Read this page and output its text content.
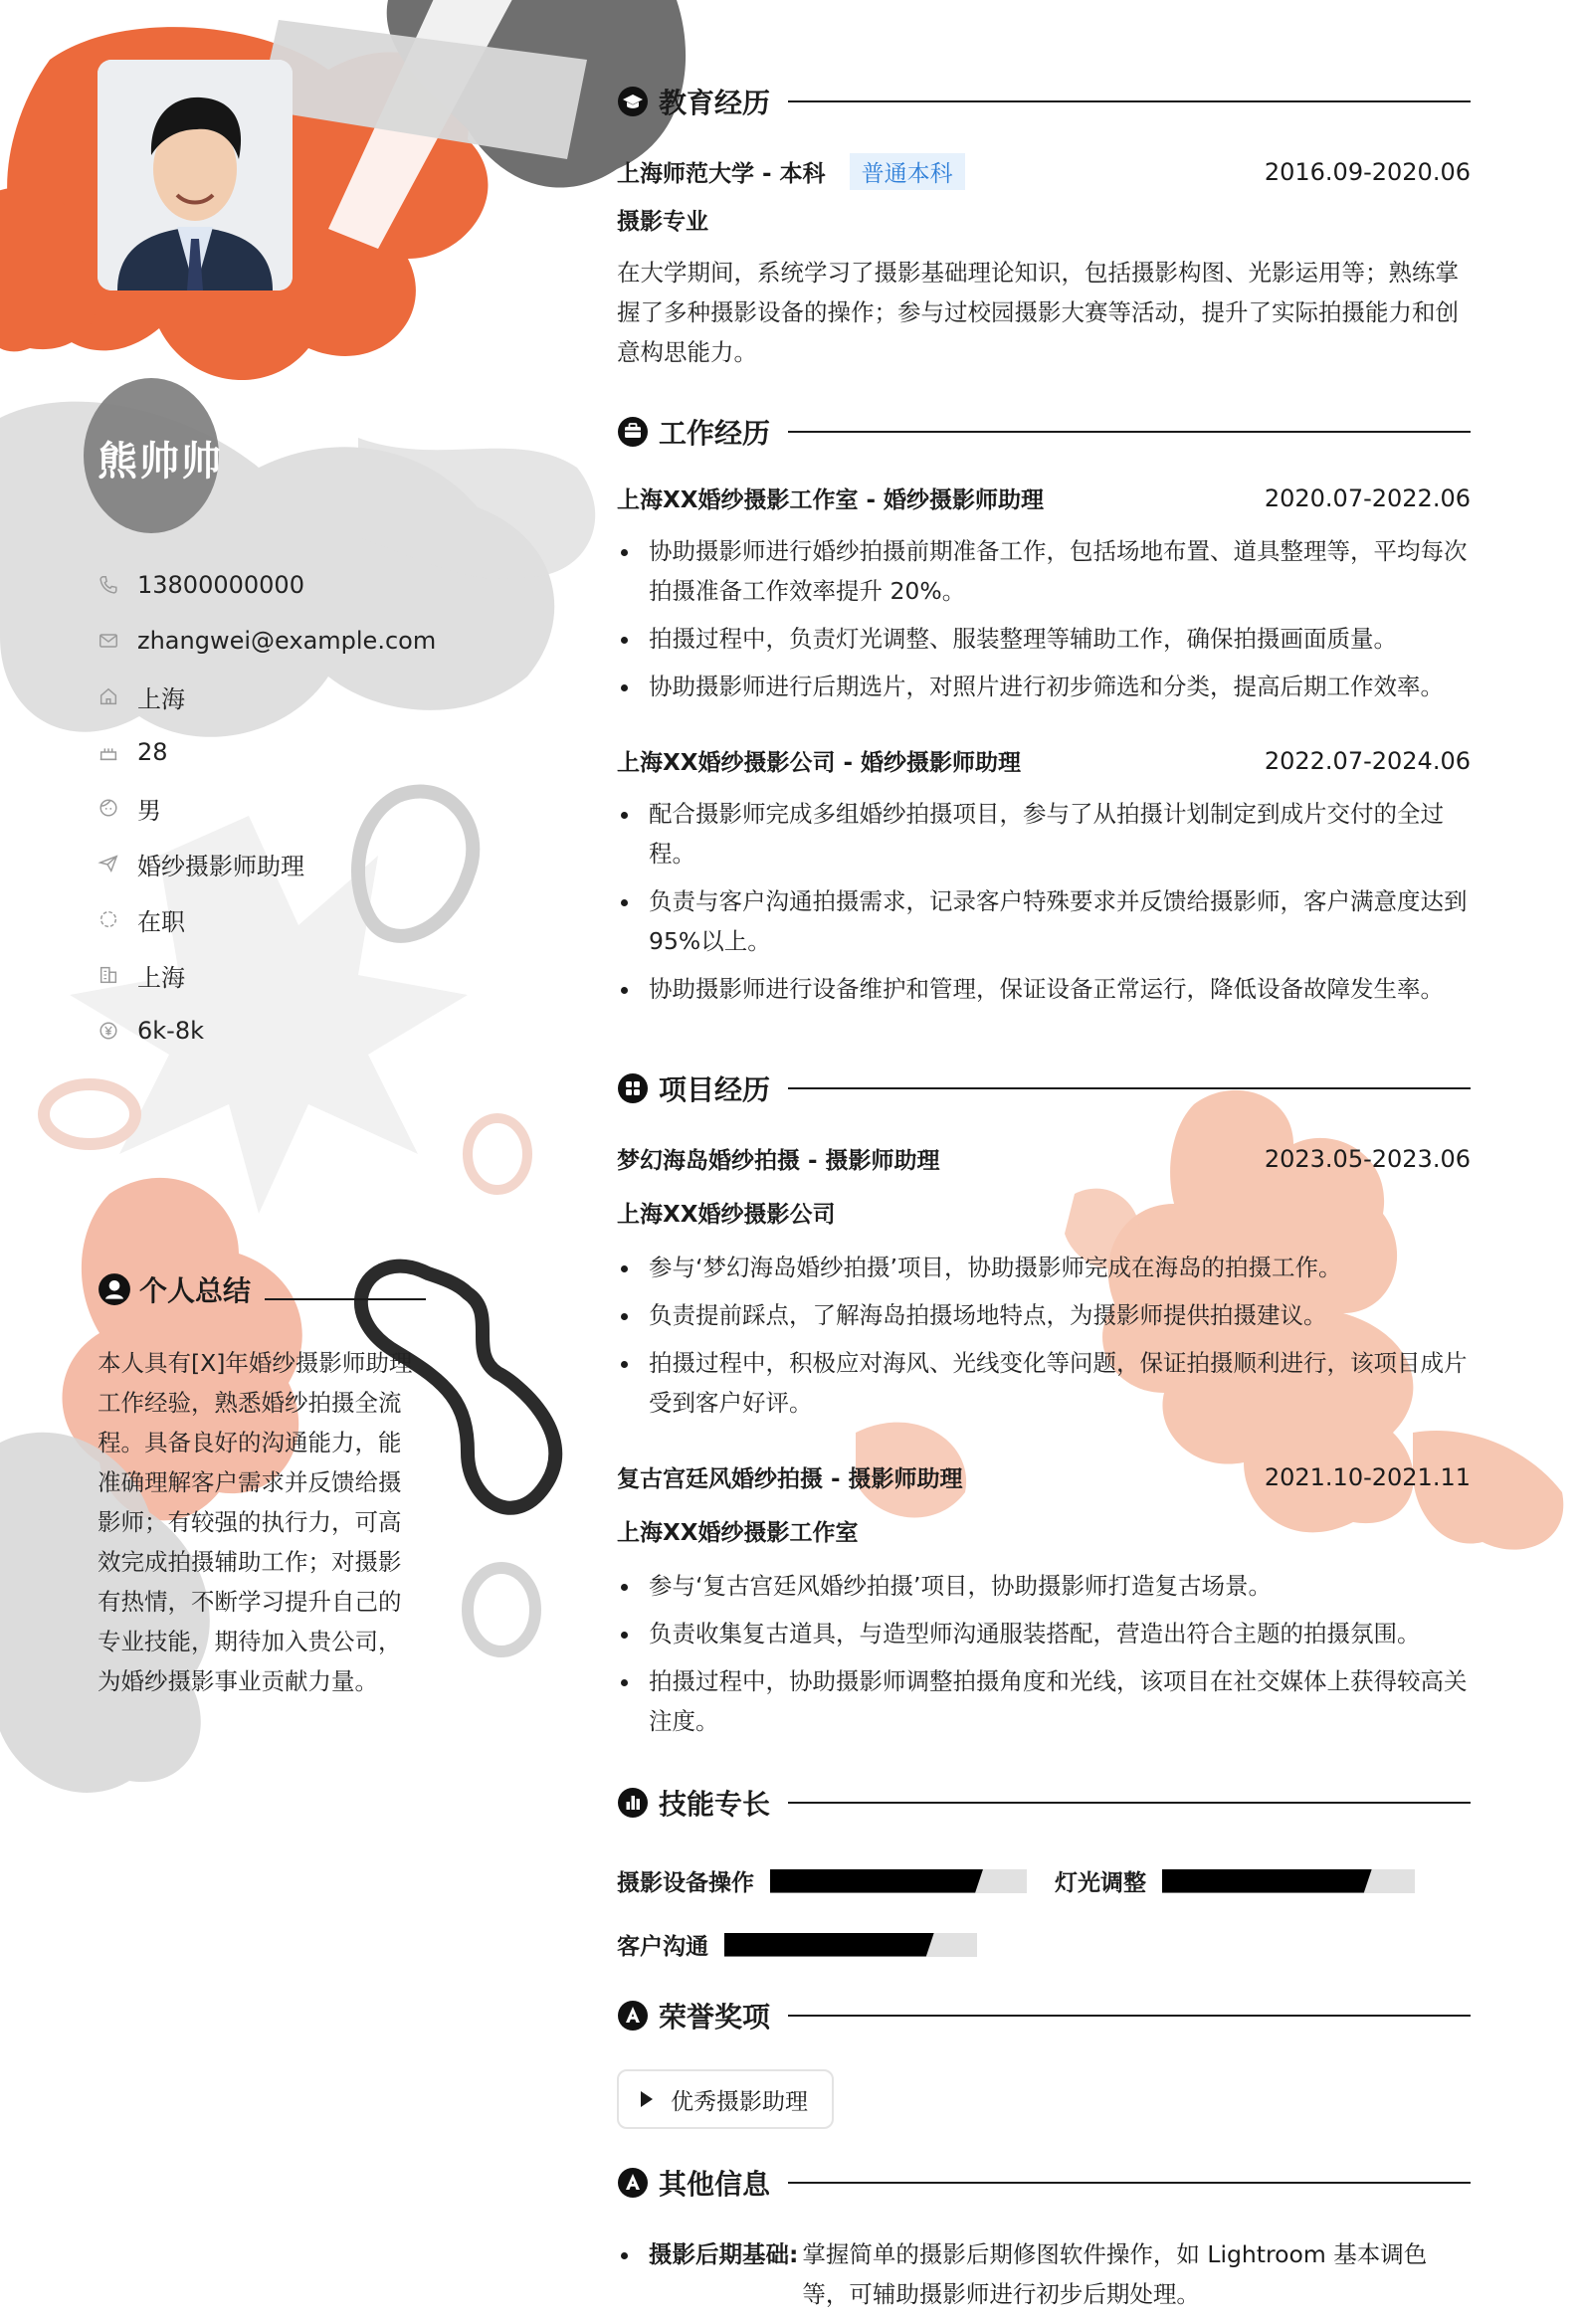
熊帅帅
13800000000
zhangwei@example.com
上海
28
男
婚纱摄影师助理
在职
上海
6k-8k
个人总结
本人具有[X]年婚纱摄影师助理工作经验，熟悉婚纱拍摄全流程。具备良好的沟通能力，能准确理解客户需求并反馈给摄影师；有较强的执行力，可高效完成拍摄辅助工作；对摄影有热情，不断学习提升自己的专业技能，期待加入贵公司，为婚纱摄影事业贡献力量。
教育经历
上海师范大学 - 本科	普通本科	2016.09-2020.06
摄影专业
在大学期间，系统学习了摄影基础理论知识，包括摄影构图、光影运用等；熟练掌握了多种摄影设备的操作；参与过校园摄影大赛等活动，提升了实际拍摄能力和创意构思能力。
工作经历
上海XX婚纱摄影工作室 - 婚纱摄影师助理	2020.07-2022.06
协助摄影师进行婚纱拍摄前期准备工作，包括场地布置、道具整理等，平均每次拍摄准备工作效率提升 20%。
拍摄过程中，负责灯光调整、服装整理等辅助工作，确保拍摄画面质量。
协助摄影师进行后期选片，对照片进行初步筛选和分类，提高后期工作效率。
上海XX婚纱摄影公司 - 婚纱摄影师助理	2022.07-2024.06
配合摄影师完成多组婚纱拍摄项目，参与了从拍摄计划制定到成片交付的全过程。
负责与客户沟通拍摄需求，记录客户特殊要求并反馈给摄影师，客户满意度达到 95%以上。
协助摄影师进行设备维护和管理，保证设备正常运行，降低设备故障发生率。
项目经历
梦幻海岛婚纱拍摄 - 摄影师助理	2023.05-2023.06
上海XX婚纱摄影公司
参与‘梦幻海岛婚纱拍摄’项目，协助摄影师完成在海岛的拍摄工作。
负责提前踩点，了解海岛拍摄场地特点，为摄影师提供拍摄建议。
拍摄过程中，积极应对海风、光线变化等问题，保证拍摄顺利进行，该项目成片受到客户好评。
复古宫廷风婚纱拍摄 - 摄影师助理	2021.10-2021.11
上海XX婚纱摄影工作室
参与‘复古宫廷风婚纱拍摄’项目，协助摄影师打造复古场景。
负责收集复古道具，与造型师沟通服装搭配，营造出符合主题的拍摄氛围。
拍摄过程中，协助摄影师调整拍摄角度和光线，该项目在社交媒体上获得较高关注度。
技能专长
摄影设备操作	灯光调整
客户沟通
荣誉奖项
优秀摄影助理
其他信息
摄影后期基础: 掌握简单的摄影后期修图软件操作，如 Lightroom 基本调色等，可辅助摄影师进行初步后期处理。
